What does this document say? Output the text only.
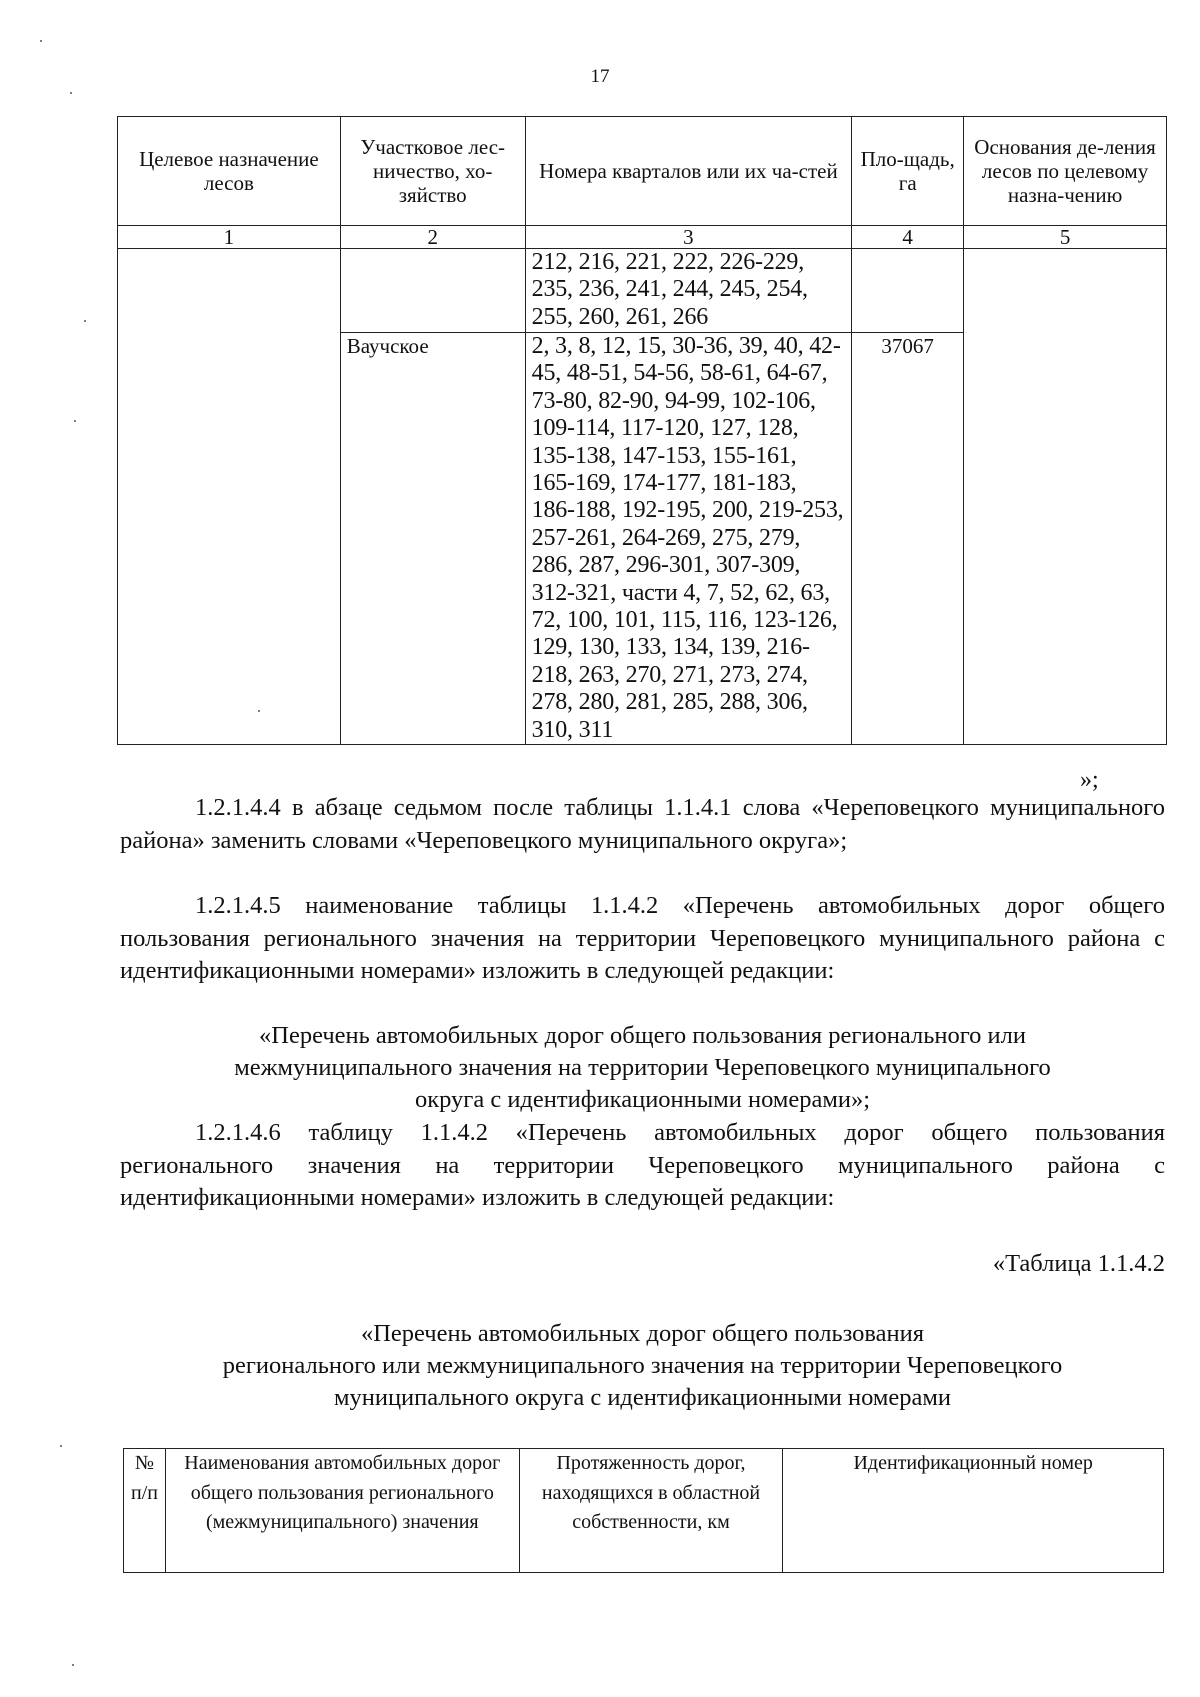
17
Целевое назначение лесов	Участковое лес-ничество, хо-зяйство	Номера кварталов или их ча-стей	Пло-щадь, га	Основания де-ления лесов по целевому назна-чению
1	2	3	4	5
		212, 216, 221, 222, 226-229, 235, 236, 241, 244, 245, 254, 255, 260, 261, 266		
	Ваучское	2, 3, 8, 12, 15, 30-36, 39, 40, 42-45, 48-51, 54-56, 58-61, 64-67, 73-80, 82-90, 94-99, 102-106, 109-114, 117-120, 127, 128, 135-138, 147-153, 155-161, 165-169, 174-177, 181-183, 186-188, 192-195, 200, 219-253, 257-261, 264-269, 275, 279, 286, 287, 296-301, 307-309, 312-321, части 4, 7, 52, 62, 63, 72, 100, 101, 115, 116, 123-126, 129, 130, 133, 134, 139, 216-218, 263, 270, 271, 273, 274, 278, 280, 281, 285, 288, 306, 310, 311	37067	
»;
1.2.1.4.4 в абзаце седьмом после таблицы 1.1.4.1 слова «Череповецкого муниципального района» заменить словами «Череповецкого муниципального округа»;
1.2.1.4.5 наименование таблицы 1.1.4.2 «Перечень автомобильных дорог общего пользования регионального значения на территории Череповецкого муниципального района с идентификационными номерами» изложить в следующей редакции:
«Перечень автомобильных дорог общего пользования регионального или
межмуниципального значения на территории Череповецкого муниципального
округа с идентификационными номерами»;
1.2.1.4.6 таблицу 1.1.4.2 «Перечень автомобильных дорог общего пользования регионального значения на территории Череповецкого муниципального района с идентификационными номерами» изложить в следующей редакции:
«Таблица 1.1.4.2
«Перечень автомобильных дорог общего пользования
регионального или межмуниципального значения на территории Череповецкого
муниципального округа с идентификационными номерами
№ п/п	Наименования автомобильных дорог общего пользования регионального (межмуниципального) значения	Протяженность дорог, находящихся в областной собственности, км	Идентификационный номер
